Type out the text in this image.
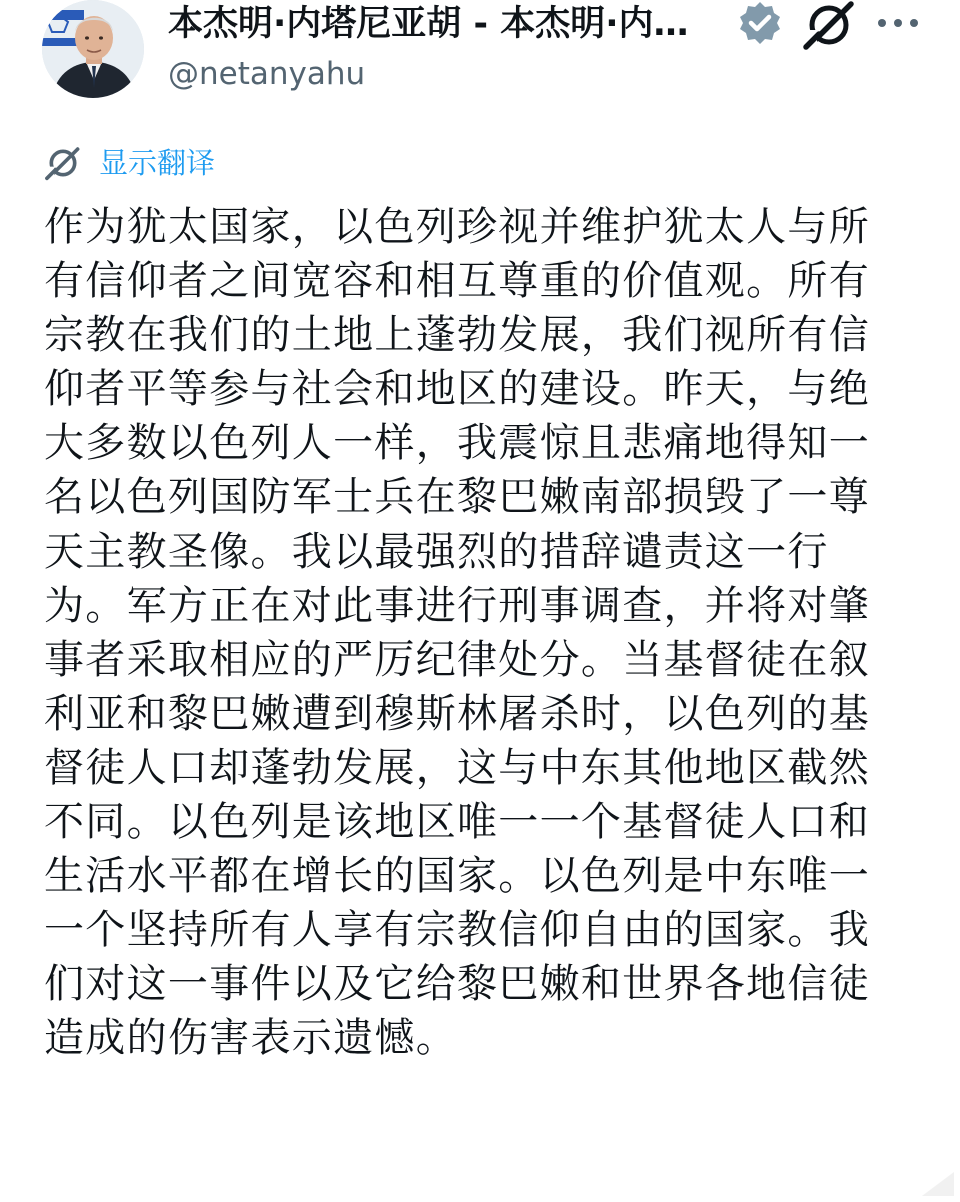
本杰明·内塔尼亚胡 - 本杰明·内…
@netanyahu
显示翻译
作为犹太国家，以色列珍视并维护犹太人与所
有信仰者之间宽容和相互尊重的价值观。所有
宗教在我们的土地上蓬勃发展，我们视所有信
仰者平等参与社会和地区的建设。昨天，与绝
大多数以色列人一样，我震惊且悲痛地得知一
名以色列国防军士兵在黎巴嫩南部损毁了一尊
天主教圣像。我以最强烈的措辞谴责这一行
为。军方正在对此事进行刑事调查，并将对肇
事者采取相应的严厉纪律处分。当基督徒在叙
利亚和黎巴嫩遭到穆斯林屠杀时，以色列的基
督徒人口却蓬勃发展，这与中东其他地区截然
不同。以色列是该地区唯一一个基督徒人口和
生活水平都在增长的国家。以色列是中东唯一
一个坚持所有人享有宗教信仰自由的国家。我
们对这一事件以及它给黎巴嫩和世界各地信徒
造成的伤害表示遗憾。
